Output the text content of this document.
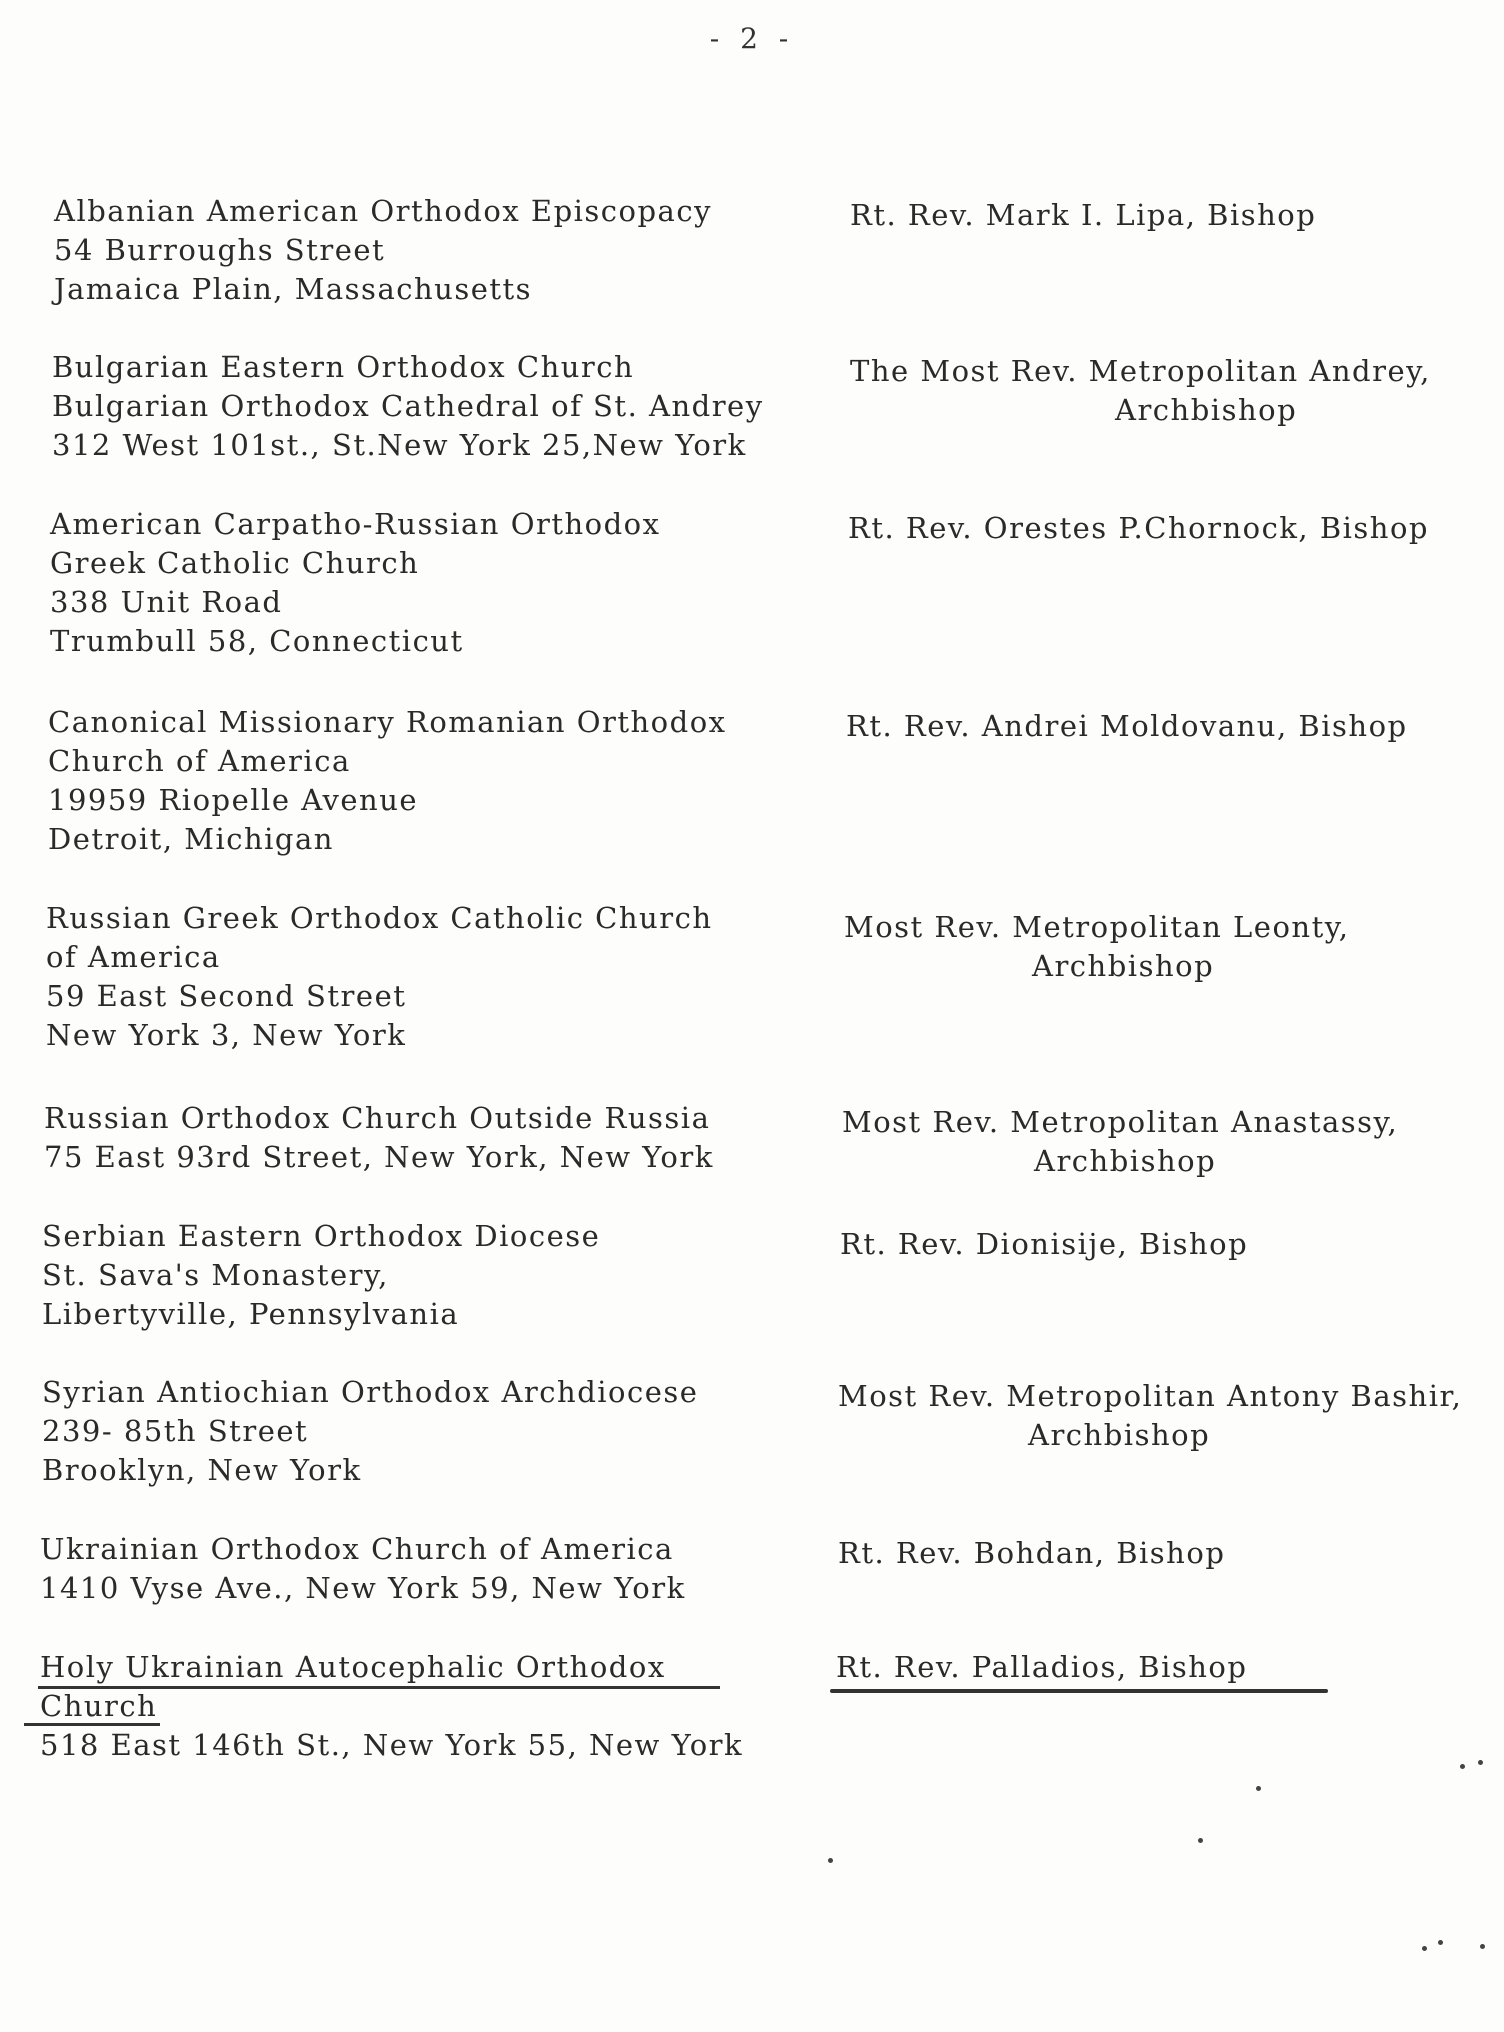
- 2 -
Albanian American Orthodox Episcopacy
54 Burroughs Street
Jamaica Plain, Massachusetts
Rt. Rev. Mark I. Lipa, Bishop
Bulgarian Eastern Orthodox Church
Bulgarian Orthodox Cathedral of St. Andrey
312 West 101st., St.New York 25,New York
The Most Rev. Metropolitan Andrey,
Archbishop
American Carpatho-Russian Orthodox
Greek Catholic Church
338 Unit Road
Trumbull 58, Connecticut
Rt. Rev. Orestes P.Chornock, Bishop
Canonical Missionary Romanian Orthodox
Church of America
19959 Riopelle Avenue
Detroit, Michigan
Rt. Rev. Andrei Moldovanu, Bishop
Russian Greek Orthodox Catholic Church
of America
59 East Second Street
New York 3, New York
Most Rev. Metropolitan Leonty,
Archbishop
Russian Orthodox Church Outside Russia
75 East 93rd Street, New York, New York
Most Rev. Metropolitan Anastassy,
Archbishop
Serbian Eastern Orthodox Diocese
St. Sava's Monastery,
Libertyville, Pennsylvania
Rt. Rev. Dionisije, Bishop
Syrian Antiochian Orthodox Archdiocese
239- 85th Street
Brooklyn, New York
Most Rev. Metropolitan Antony Bashir,
Archbishop
Ukrainian Orthodox Church of America
1410 Vyse Ave., New York 59, New York
Rt. Rev. Bohdan, Bishop
Holy Ukrainian Autocephalic Orthodox
Church
518 East 146th St., New York 55, New York
Rt. Rev. Palladios, Bishop
